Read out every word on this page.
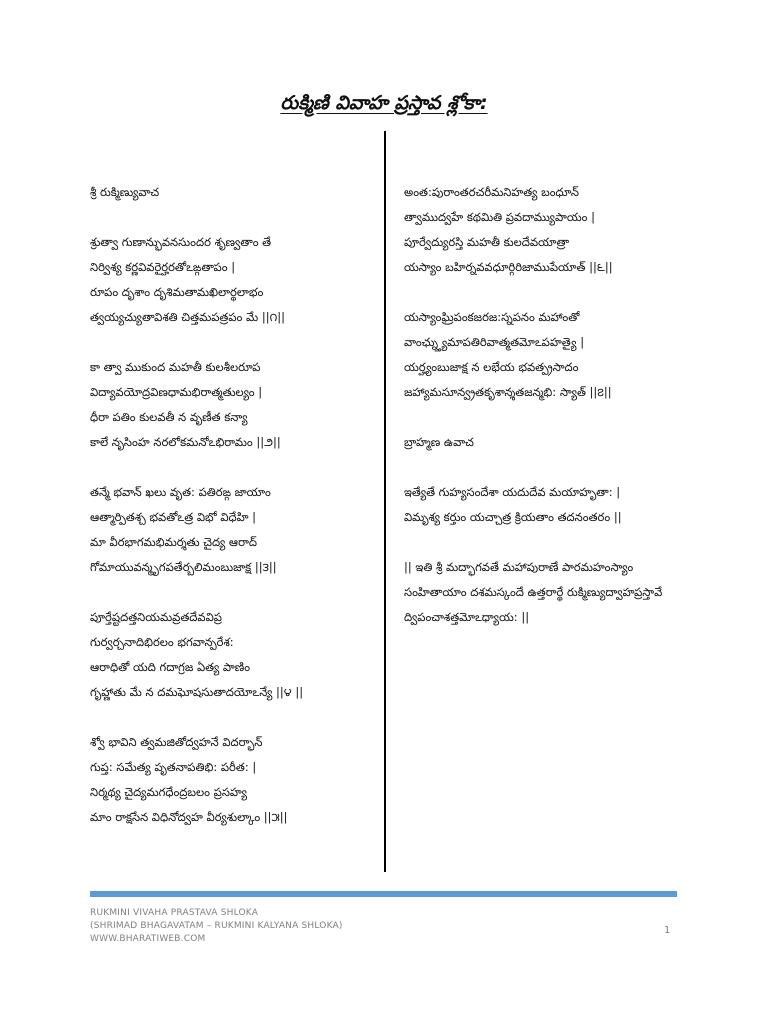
రుక్మిణి వివాహ ప్రస్తావ శ్లోకా:
శ్రీ రుక్మిణ్యువాచ
శ్రుత్వా గుణాన్భువనసుందర శృణ్వతాం తే
నిర్విశ్య కర్ణవివరైర్హరతోఽఙ్గతాపం |
రూపం దృశాం దృశిమతామఖిలార్థలాభం
త్వయ్యచ్యుతావిశతి చిత్తమపత్రపం మే ||౧||
కా త్వా ముకుంద మహతీ కులశీలరూప
విద్యావయోద్రవిణధామభిరాత్మతుల్యం |
ధీరా పతిం కులవతీ న వృణీత కన్యా
కాలే నృసింహ నరలోకమనోఽభిరామం ||౨||
తన్మే భవాన్ ఖలు వృత: పతిరఙ్గ జాయాం
ఆత్మార్పితశ్చ భవతోఽత్ర విభో విధేహి |
మా వీరభాగమభిమర్శతు చైద్య ఆరాద్
గోమాయువన్మృగపతేర్బలిమంబుజాక్ష ||౩||
పూర్తేష్టదత్తనియమవ్రతదేవవిప్ర
గుర్వర్చనాదిభిరలం భగవాన్పరేశ:
ఆరాధితో యది గదాగ్రజ ఏత్య పాణిం
గృహ్ణాతు మే న దమఘోషసుతాదయోఽన్యే ||౪ ||
శ్వో భావిని త్వమజితోద్వహనే విదర్భాన్
గుప్త: సమేత్య పృతనాపతిభి: పరీత: |
నిర్మథ్య చైద్యమగధేంద్రబలం ప్రసహ్య
మాం రాక్షసేన విధినోద్వహ వీర్యశుల్కాం ||౫||
అంత:పురాంతరచరీమనిహత్య బంధూన్
త్వాముద్వహే కథమితి ప్రవదామ్యుపాయం |
పూర్వేద్యురస్తి మహతీ కులదేవయాత్రా
యస్యాం బహిర్నవవధూర్గిరిజాముపేయాత్ ||౬||
యస్యాంఘ్రిపంకజరజ:స్నపనం మహాంతో
వాంఛ్న్త్యుమాపతిరివాత్మతమోఽపహత్యై |
యర్హ్యంబుజాక్ష న లభేయ భవత్ప్రసాదం
జహ్యామసూన్వ్రతకృశాన్శతజన్మభి: స్యాత్ ||౭||
బ్రాహ్మణ ఉవాచ
ఇత్యేతే గుహ్యసందేశా యదుదేవ మయాహృతా: |
విమృశ్య కర్తుం యచ్చాత్ర క్రియతాం తదనంతరం ||
|| ఇతి శ్రీ మద్భాగవతే మహాపురాణే పారమహంస్యాం
సంహితాయాం దశమస్కందే ఉత్తరార్థే రుక్మిణ్యుద్వాహప్రస్తావే
ద్విపంచాశత్తమోఽధ్యాయ: ||
RUKMINI VIVAHA PRASTAVA SHLOKA
(SHRIMAD BHAGAVATAM – RUKMINI KALYANA SHLOKA)
WWW.BHARATIWEB.COM
1
